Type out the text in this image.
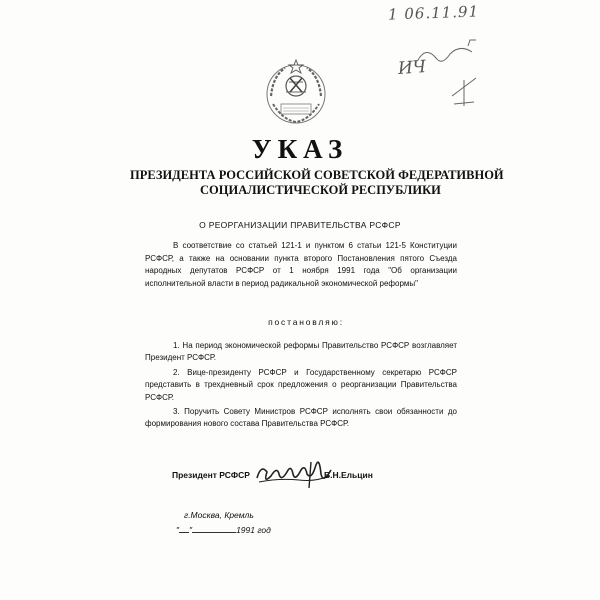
1 06.11.91
ИЧ
УКАЗ
ПРЕЗИДЕНТА РОССИЙСКОЙ СОВЕТСКОЙ ФЕДЕРАТИВНОЙ
СОЦИАЛИСТИЧЕСКОЙ РЕСПУБЛИКИ
О РЕОРГАНИЗАЦИИ ПРАВИТЕЛЬСТВА РСФСР
В соответствие со статьей 121-1 и пунктом 6 статьи 121-5 Конституции РСФСР, а также на основании пункта второго Постановления пятого Съезда народных депутатов РСФСР от 1 ноября 1991 года "Об организации исполнительной власти в период радикальной экономической реформы"
постановляю:

1. На период экономической реформы Правительство РСФСР возглавляет Президент РСФСР.

2. Вице-президенту РСФСР и Государственному секретарю РСФСР представить в трехдневный срок предложения о реорганизации Правительства РСФСР.

3. Поручить Совету Министров РСФСР исполнять свои обязанности до формирования нового состава Правительства РСФСР.

Президент РСФСР	Б.Н.Ельцин
г.Москва, Кремль
" "	1991 год
